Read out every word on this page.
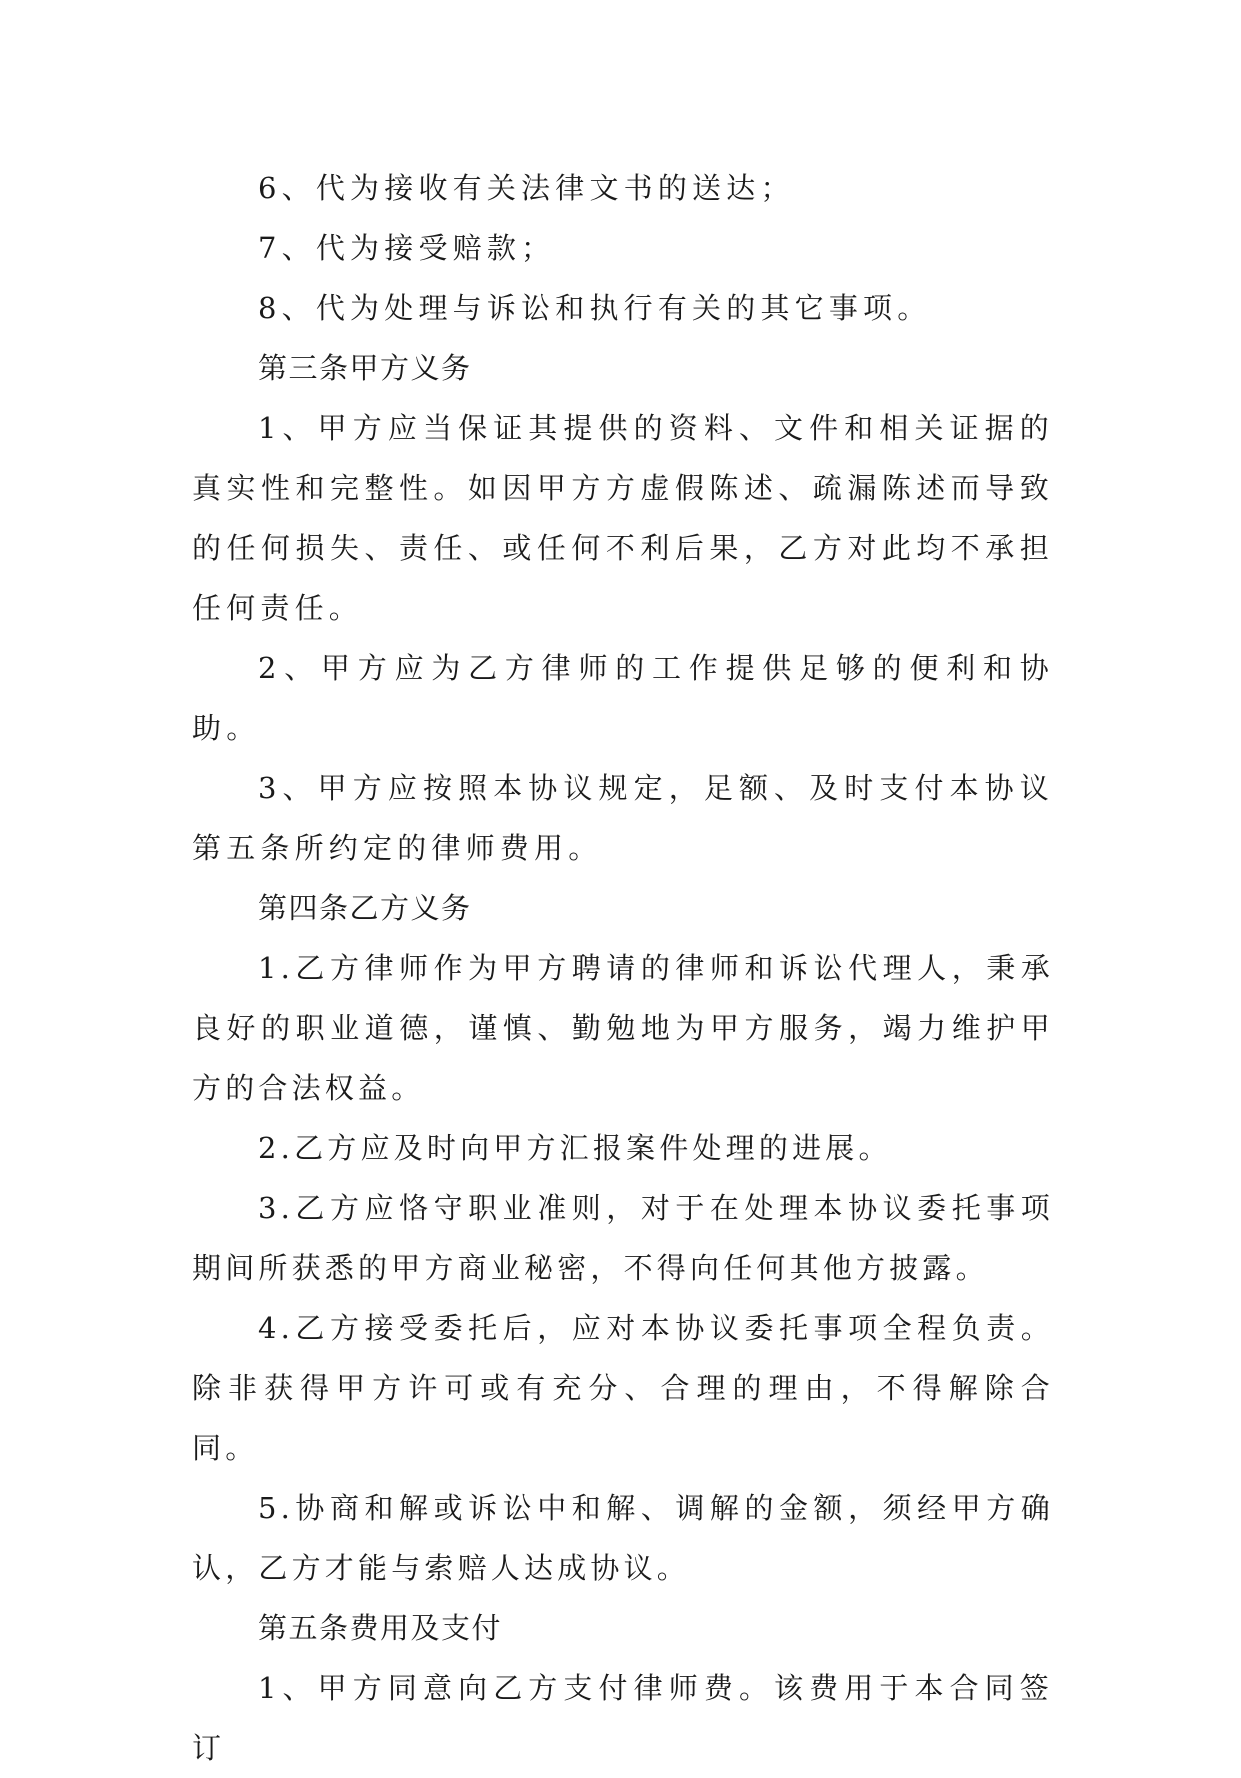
6、代为接收有关法律文书的送达；

7、代为接受赔款；

8、代为处理与诉讼和执行有关的其它事项。

第三条甲方义务

1、甲方应当保证其提供的资料、文件和相关证据的真实性和完整性。如因甲方方虚假陈述、疏漏陈述而导致的任何损失、责任、或任何不利后果，乙方对此均不承担任何责任。

2、甲方应为乙方律师的工作提供足够的便利和协助。

3、甲方应按照本协议规定，足额、及时支付本协议第五条所约定的律师费用。

第四条乙方义务

1.乙方律师作为甲方聘请的律师和诉讼代理人，秉承良好的职业道德，谨慎、勤勉地为甲方服务，竭力维护甲方的合法权益。

2.乙方应及时向甲方汇报案件处理的进展。

3.乙方应恪守职业准则，对于在处理本协议委托事项期间所获悉的甲方商业秘密，不得向任何其他方披露。

4.乙方接受委托后，应对本协议委托事项全程负责。除非获得甲方许可或有充分、合理的理由，不得解除合同。

5.协商和解或诉讼中和解、调解的金额，须经甲方确认，乙方才能与索赔人达成协议。

第五条费用及支付

1、甲方同意向乙方支付律师费。该费用于本合同签订
